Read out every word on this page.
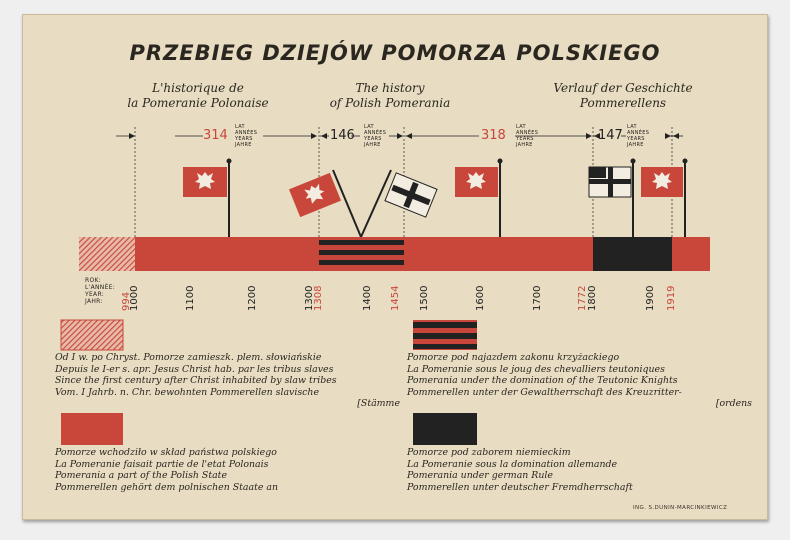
PRZEBIEG DZIEJÓW POMORZA POLSKIEGO
L'historique de
la Pomeranie Polonaise
The history
of Polish Pomerania
Verlauf der Geschichte
Pommerellens
314
LAT
ANNÉES
YEARS
JAHRE
146
LAT
ANNÉES
YEARS
JAHRE
318
LAT
ANNÉES
YEARS
JAHRE
147
LAT
ANNÉES
YEARS
JAHRE
ROK:
L'ANNÉE:
YEAR:
JAHR:	994
1000	1100	1200	1300
1308	1400 1454 1500	1600	1700	1772 1800	1900 1919
Od I w. po Chryst. Pomorze zamieszk. plem. słowiańskie
Depuis le I-er s. apr. Jesus Christ hab. par les tribus slaves
Since the first century after Christ inhabited by slaw tribes
Vom. I Jahrb. n. Chr. bewohnten Pommerellen slavische
[Stämme
Pomorze pod najazdem zakonu krzyżackiego
La Pomeranie sous le joug des chevalliers teutoniques
Pomerania under the domination of the Teutonic Knights
Pommerellen unter der Gewaltherrschaft des Kreuzritter-
[ordens
Pomorze wchodziło w skład państwa polskiego
La Pomeranie faisait partie de l'etat Polonais
Pomerania a part of the Polish State
Pommerellen gehört dem polnischen Staate an
Pomorze pod zaborem niemieckim
La Pomeranie sous la domination allemande
Pomerania under german Rule
Pommerellen unter deutscher Fremdherrschaft
ING. S.DUNIN-MARCINKIEWICZ
